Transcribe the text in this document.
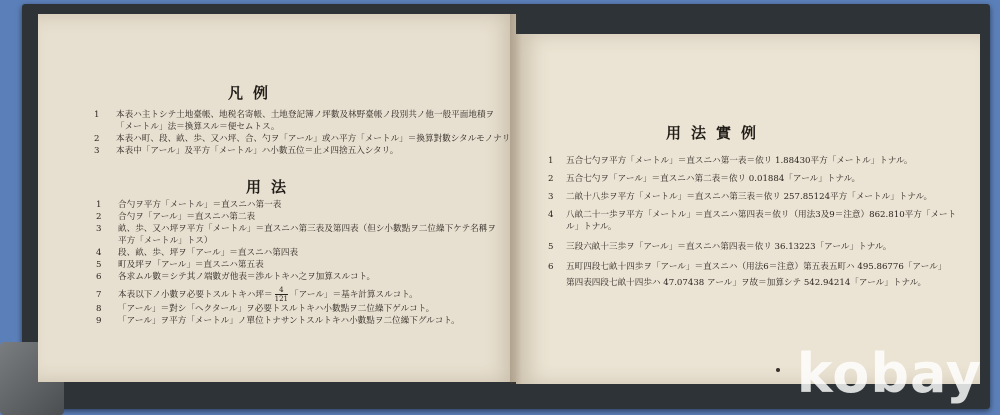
凡例
1 本表ハ主トシテ土地臺帳、地税名寄帳、土地登記簿ノ坪數及林野臺帳ノ段別共ノ他一般平面地積ヲ
「メートル」法＝換算スル＝便セムトス。
2 本表ハ町、段、畝、歩、又ハ坪、合、勺ヲ「アール」或ハ平方「メートル」＝換算對數シタルモノナリ
3 本表中「アール」及平方「メートル」ハ小數五位＝止メ四捨五入シタリ。
用法
1 合勺ヲ平方「メートル」＝直スニハ第一表
2 合勺ヲ「アール」＝直スニハ第二表
3 畝、歩、又ハ坪ヲ平方「メートル」＝直スニハ第三表及第四表（但シ小數點ヲ二位繰下ケテ名稱ヲ
平方「メートル」トス）
4 段、畝、歩、坪ヲ「アール」＝直スニハ第四表
5 町及坪ヲ「アール」＝直スニハ第五表
6 各求ムル數＝シテ其ノ端數ガ他表＝渉ルトキハ之ヲ加算スルコト。
7 本表以下ノ小數ヲ必要トスルトキハ坪＝ $\frac{4}{121}$ 「アール」＝基キ計算スルコト。
8 「アール」＝對シ「ヘクタール」ヲ必要トスルトキハ小數點ヲ二位繰下ゲルコト。
9 「アール」ヲ平方「メートル」ノ單位トナサントスルトキハ小數點ヲ二位繰下グルコト。
用法實例
1 五合七勺ヲ平方「メートル」＝直スニハ第一表＝依リ 1.88430平方「メートル」トナル。
2 五合七勺ヲ「アール」＝直スニハ第二表＝依リ 0.01884「アール」トナル。
3 二畝十八歩ヲ平方「メートル」＝直スニハ第三表＝依リ 257.85124平方「メートル」トナル。
4 八畝二十一歩ヲ平方「メートル」＝直スニハ第四表＝依リ（用法3及9＝注意）862.810平方「メート
ル」トナル。
5 三段六畝十三歩ヲ「アール」＝直スニハ第四表＝依リ 36.13223「アール」トナル。
6 五町四段七畝十四歩ヲ「アール」＝直スニハ（用法6＝注意）第五表五町ハ 495.86776「アール」
第四表四段七畝十四歩ハ 47.07438 アール」ヲ故＝加算シテ 542.94214「アール」トナル。
kobay
